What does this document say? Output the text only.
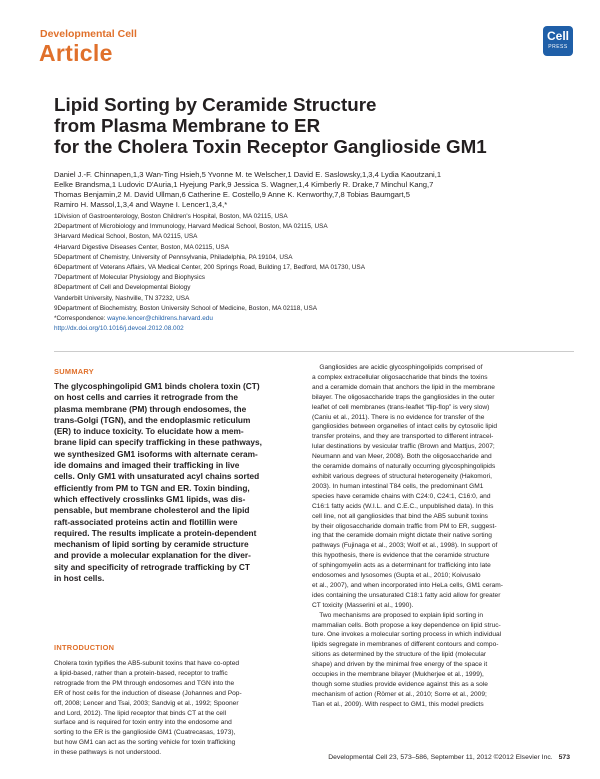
Developmental Cell
Article
Cell
PRESS
Lipid Sorting by Ceramide Structure
from Plasma Membrane to ER
for the Cholera Toxin Receptor Ganglioside GM1
Daniel J.-F. Chinnapen,1,3 Wan-Ting Hsieh,5 Yvonne M. te Welscher,1 David E. Saslowsky,1,3,4 Lydia Kaoutzani,1
Eelke Brandsma,1 Ludovic D'Auria,1 Hyejung Park,9 Jessica S. Wagner,1,4 Kimberly R. Drake,7 Minchul Kang,7
Thomas Benjamin,2 M. David Ullman,6 Catherine E. Costello,9 Anne K. Kenworthy,7,8 Tobias Baumgart,5
Ramiro H. Massol,1,3,4 and Wayne I. Lencer1,3,4,*
1Division of Gastroenterology, Boston Children's Hospital, Boston, MA 02115, USA
2Department of Microbiology and Immunology, Harvard Medical School, Boston, MA 02115, USA
3Harvard Medical School, Boston, MA 02115, USA
4Harvard Digestive Diseases Center, Boston, MA 02115, USA
5Department of Chemistry, University of Pennsylvania, Philadelphia, PA 19104, USA
6Department of Veterans Affairs, VA Medical Center, 200 Springs Road, Building 17, Bedford, MA 01730, USA
7Department of Molecular Physiology and Biophysics
8Department of Cell and Developmental Biology
Vanderbilt University, Nashville, TN 37232, USA
9Department of Biochemistry, Boston University School of Medicine, Boston, MA 02118, USA
*Correspondence: wayne.lencer@childrens.harvard.edu
http://dx.doi.org/10.1016/j.devcel.2012.08.002
SUMMARY
The glycosphingolipid GM1 binds cholera toxin (CT)
on host cells and carries it retrograde from the
plasma membrane (PM) through endosomes, the
trans-Golgi (TGN), and the endoplasmic reticulum
(ER) to induce toxicity. To elucidate how a mem-
brane lipid can specify trafficking in these pathways,
we synthesized GM1 isoforms with alternate ceram-
ide domains and imaged their trafficking in live
cells. Only GM1 with unsaturated acyl chains sorted
efficiently from PM to TGN and ER. Toxin binding,
which effectively crosslinks GM1 lipids, was dis-
pensable, but membrane cholesterol and the lipid
raft-associated proteins actin and flotillin were
required. The results implicate a protein-dependent
mechanism of lipid sorting by ceramide structure
and provide a molecular explanation for the diver-
sity and specificity of retrograde trafficking by CT
in host cells.
INTRODUCTION
Cholera toxin typifies the AB5-subunit toxins that have co-opted
a lipid-based, rather than a protein-based, receptor to traffic
retrograde from the PM through endosomes and TGN into the
ER of host cells for the induction of disease (Johannes and Pop-
off, 2008; Lencer and Tsai, 2003; Sandvig et al., 1992; Spooner
and Lord, 2012). The lipid receptor that binds CT at the cell
surface and is required for toxin entry into the endosome and
sorting to the ER is the ganglioside GM1 (Cuatrecasas, 1973),
but how GM1 can act as the sorting vehicle for toxin trafficking
in these pathways is not understood.
Gangliosides are acidic glycosphingolipids comprised of
a complex extracellular oligosaccharide that binds the toxins
and a ceramide domain that anchors the lipid in the membrane
bilayer. The oligosaccharide traps the gangliosides in the outer
leaflet of cell membranes (trans-leaflet “flip-flop” is very slow)
(Caniu et al., 2011). There is no evidence for transfer of the
gangliosides between organelles of intact cells by cytosolic lipid
transfer proteins, and they are transported to different intracel-
lular destinations by vesicular traffic (Brown and Mattjus, 2007;
Neumann and van Meer, 2008). Both the oligosaccharide and
the ceramide domains of naturally occurring glycosphingolipids
exhibit various degrees of structural heterogeneity (Hakomori,
2003). In human intestinal T84 cells, the predominant GM1
species have ceramide chains with C24:0, C24:1, C16:0, and
C16:1 fatty acids (W.I.L. and C.E.C., unpublished data). In this
cell line, not all gangliosides that bind the AB5 subunit toxins
by their oligosaccharide domain traffic from PM to ER, suggest-
ing that the ceramide domain might dictate their native sorting
pathways (Fujinaga et al., 2003; Wolf et al., 1998). In support of
this hypothesis, there is evidence that the ceramide structure
of sphingomyelin acts as a determinant for trafficking into late
endosomes and lysosomes (Gupta et al., 2010; Koivusalo
et al., 2007), and when incorporated into HeLa cells, GM1 ceram-
ides containing the unsaturated C18:1 fatty acid allow for greater
CT toxicity (Masserini et al., 1990).
Two mechanisms are proposed to explain lipid sorting in
mammalian cells. Both propose a key dependence on lipid struc-
ture. One invokes a molecular sorting process in which individual
lipids segregate in membranes of different contours and compo-
sitions as determined by the structure of the lipid (molecular
shape) and driven by the minimal free energy of the space it
occupies in the membrane bilayer (Mukherjee et al., 1999),
though some studies provide evidence against this as a sole
mechanism of action (Römer et al., 2010; Sorre et al., 2009;
Tian et al., 2009). With respect to GM1, this model predicts
Developmental Cell 23, 573–586, September 11, 2012 ©2012 Elsevier Inc. 573
